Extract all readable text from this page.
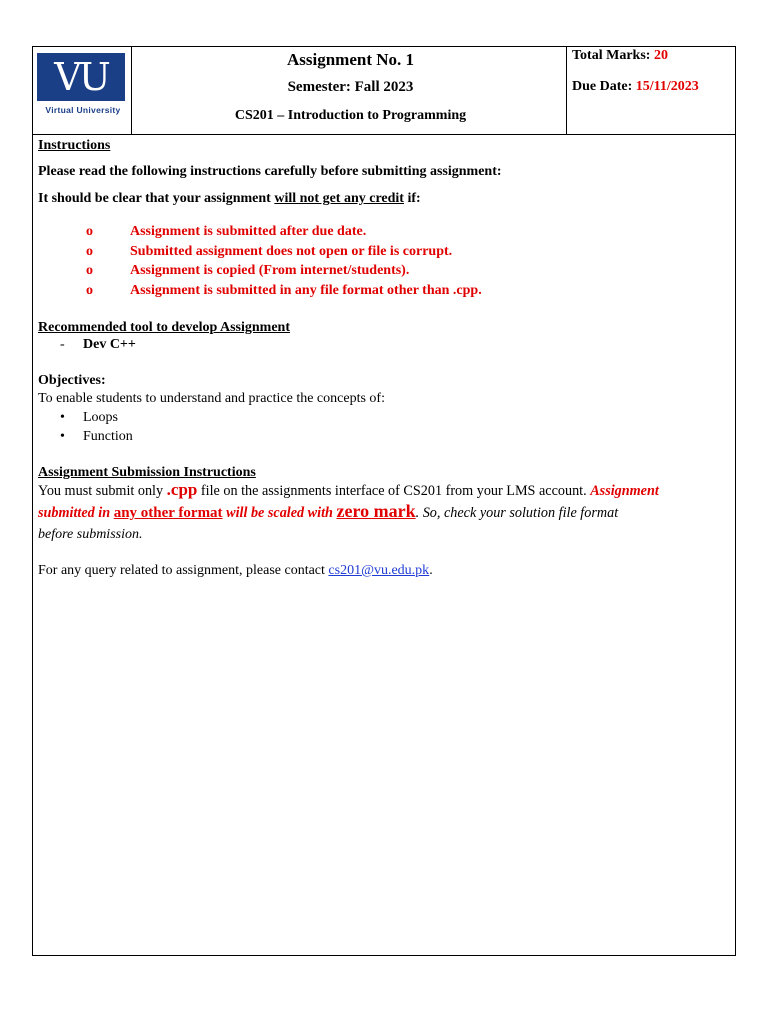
VU
Virtual University
Assignment No. 1
Semester: Fall 2023
CS201 – Introduction to Programming
Total Marks: 20
Due Date: 15/11/2023
Instructions
Please read the following instructions carefully before submitting assignment:
It should be clear that your assignment will not get any credit if:
o	Assignment is submitted after due date.
o	Submitted assignment does not open or file is corrupt.
o	Assignment is copied (From internet/students).
o	Assignment is submitted in any file format other than .cpp.
Recommended tool to develop Assignment
- Dev C++
Objectives:
To enable students to understand and practice the concepts of:
• Loops
• Function
Assignment Submission Instructions
You must submit only .cpp file on the assignments interface of CS201 from your LMS account. Assignment
submitted in any other format will be scaled with zero mark. So, check your solution file format
before submission.
For any query related to assignment, please contact cs201@vu.edu.pk.
